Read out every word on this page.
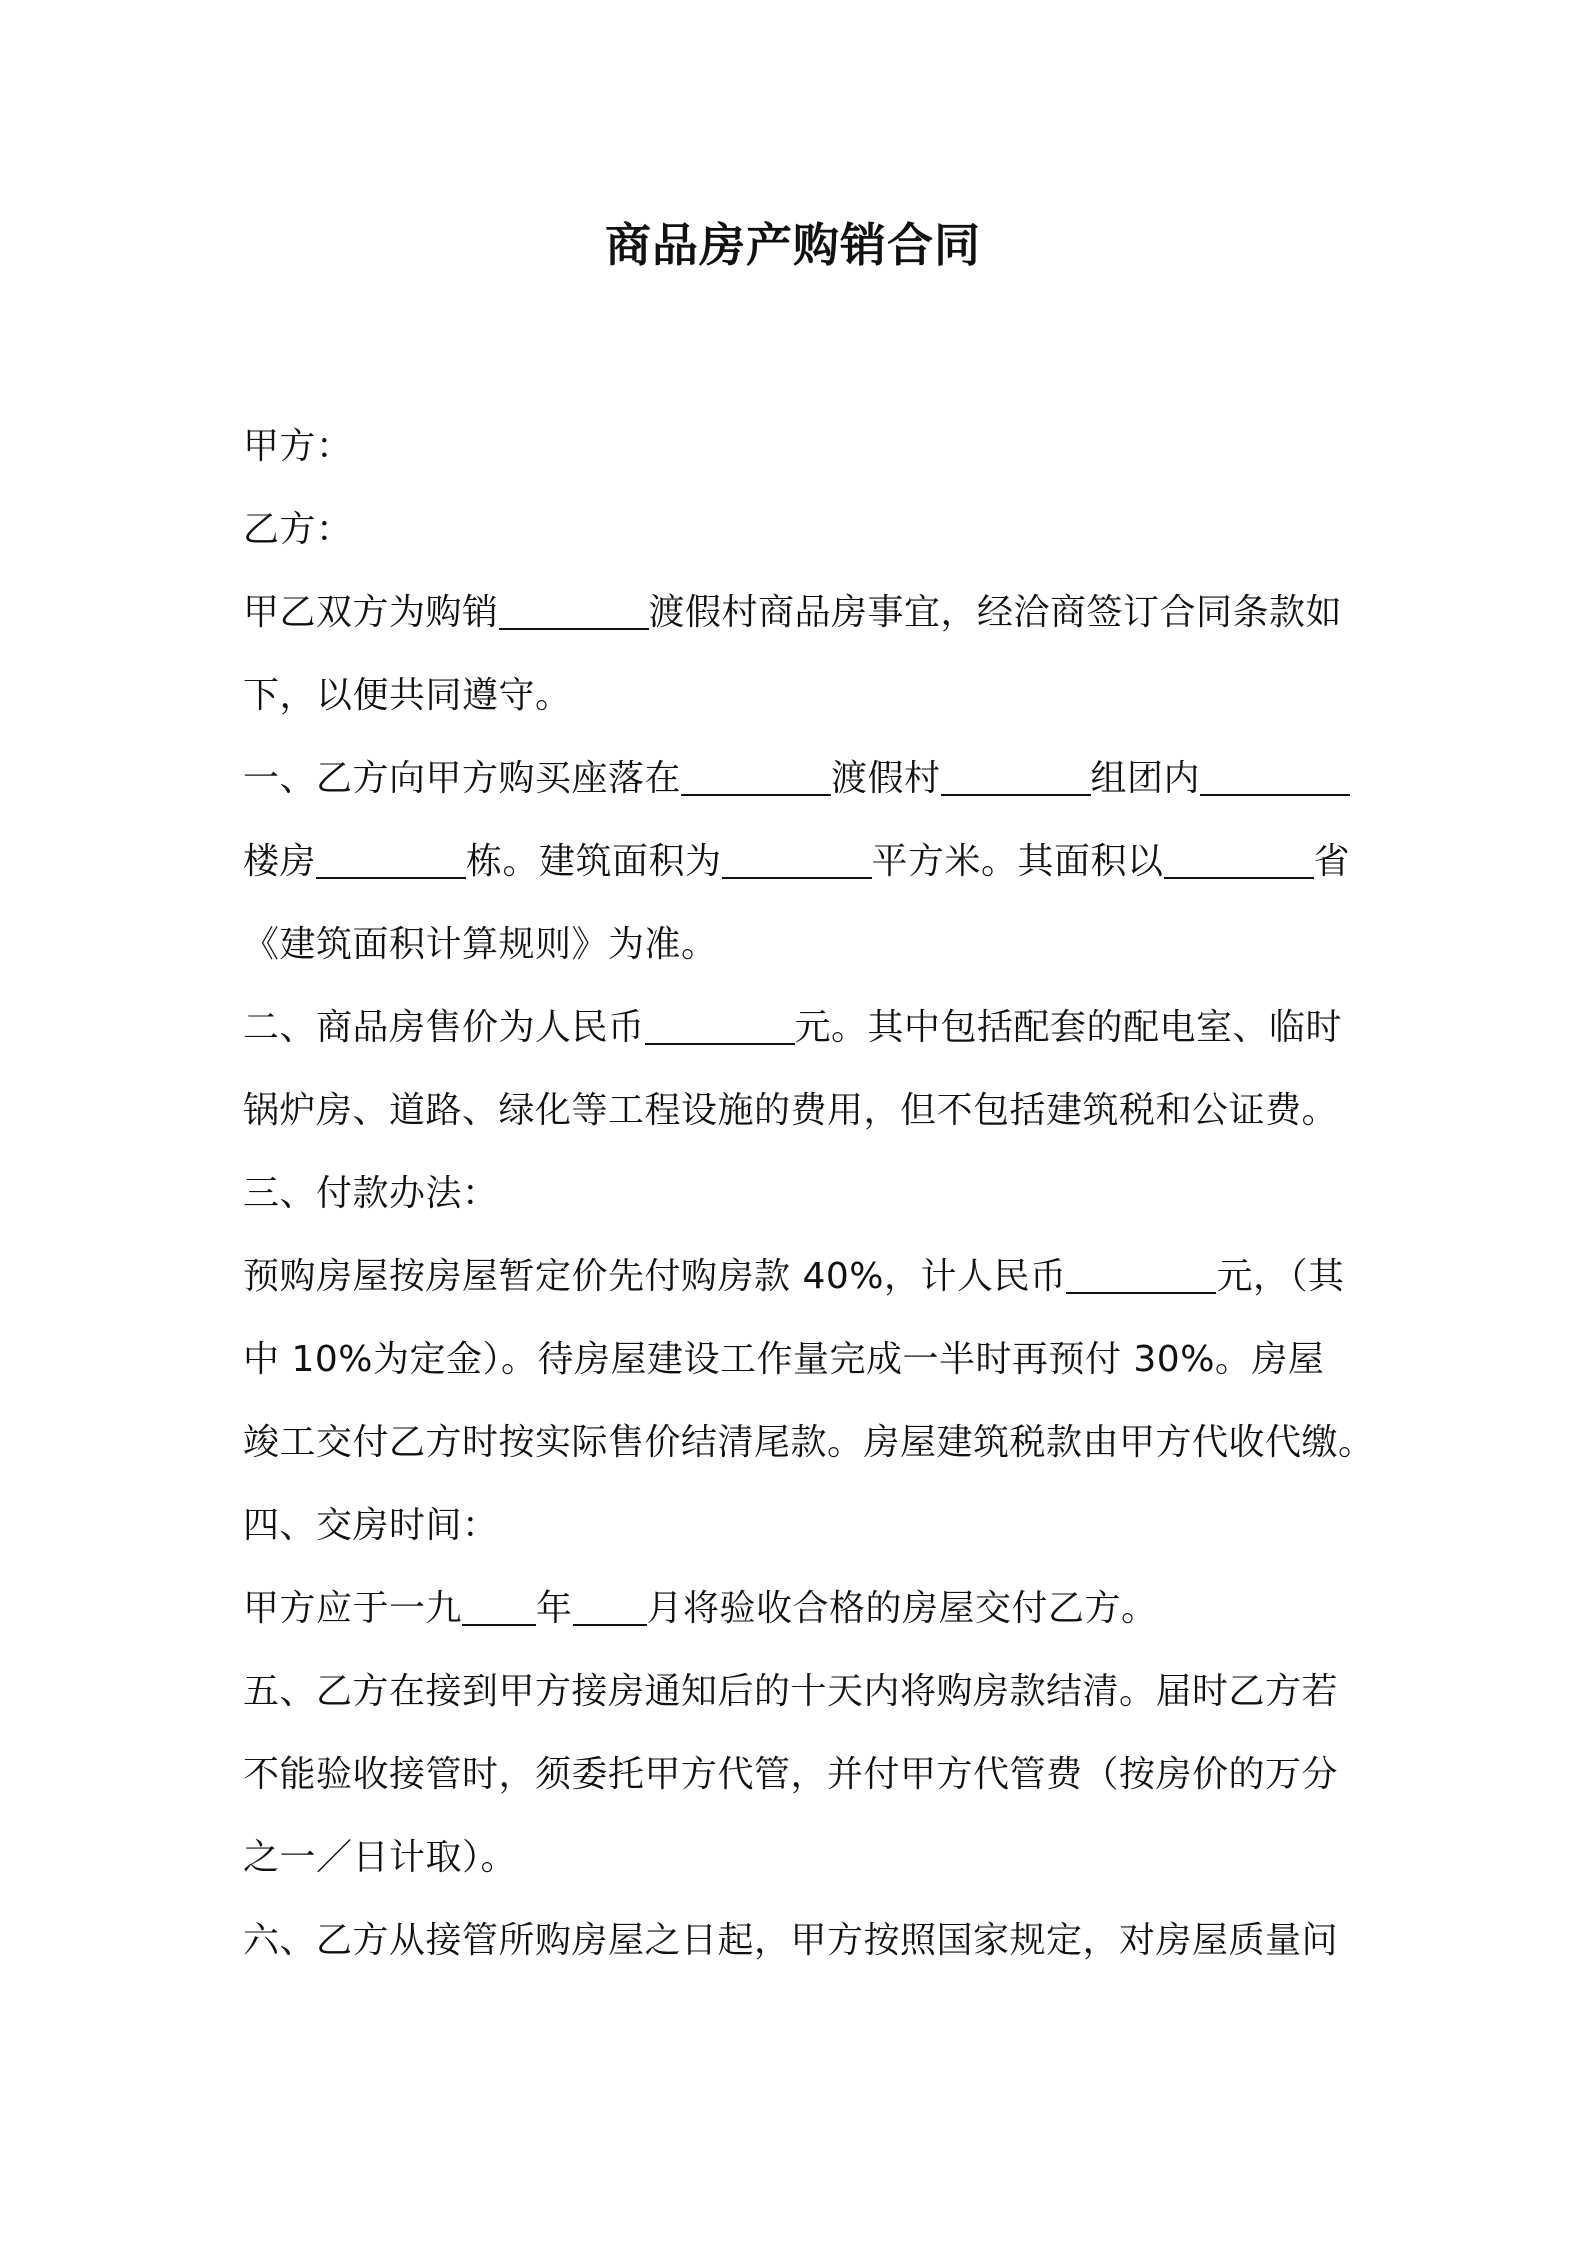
商品房产购销合同
甲方：
乙方：
甲乙双方为购销	渡假村商品房事宜，经洽商签订合同条款如
下，以便共同遵守。
一、乙方向甲方购买座落在	渡假村	组团内
楼房	栋。建筑面积为	平方米。其面积以	省
《建筑面积计算规则》为准。
二、商品房售价为人民币	元。其中包括配套的配电室、临时
锅炉房、道路、绿化等工程设施的费用，但不包括建筑税和公证费。
三、付款办法：
预购房屋按房屋暂定价先付购房款 40%，计人民币	元，（其
中 10%为定金）。待房屋建设工作量完成一半时再预付 30%。房屋
竣工交付乙方时按实际售价结清尾款。房屋建筑税款由甲方代收代缴。
四、交房时间：
甲方应于一九 年 月将验收合格的房屋交付乙方。
五、乙方在接到甲方接房通知后的十天内将购房款结清。届时乙方若
不能验收接管时，须委托甲方代管，并付甲方代管费（按房价的万分
之一／日计取）。
六、乙方从接管所购房屋之日起，甲方按照国家规定，对房屋质量问
